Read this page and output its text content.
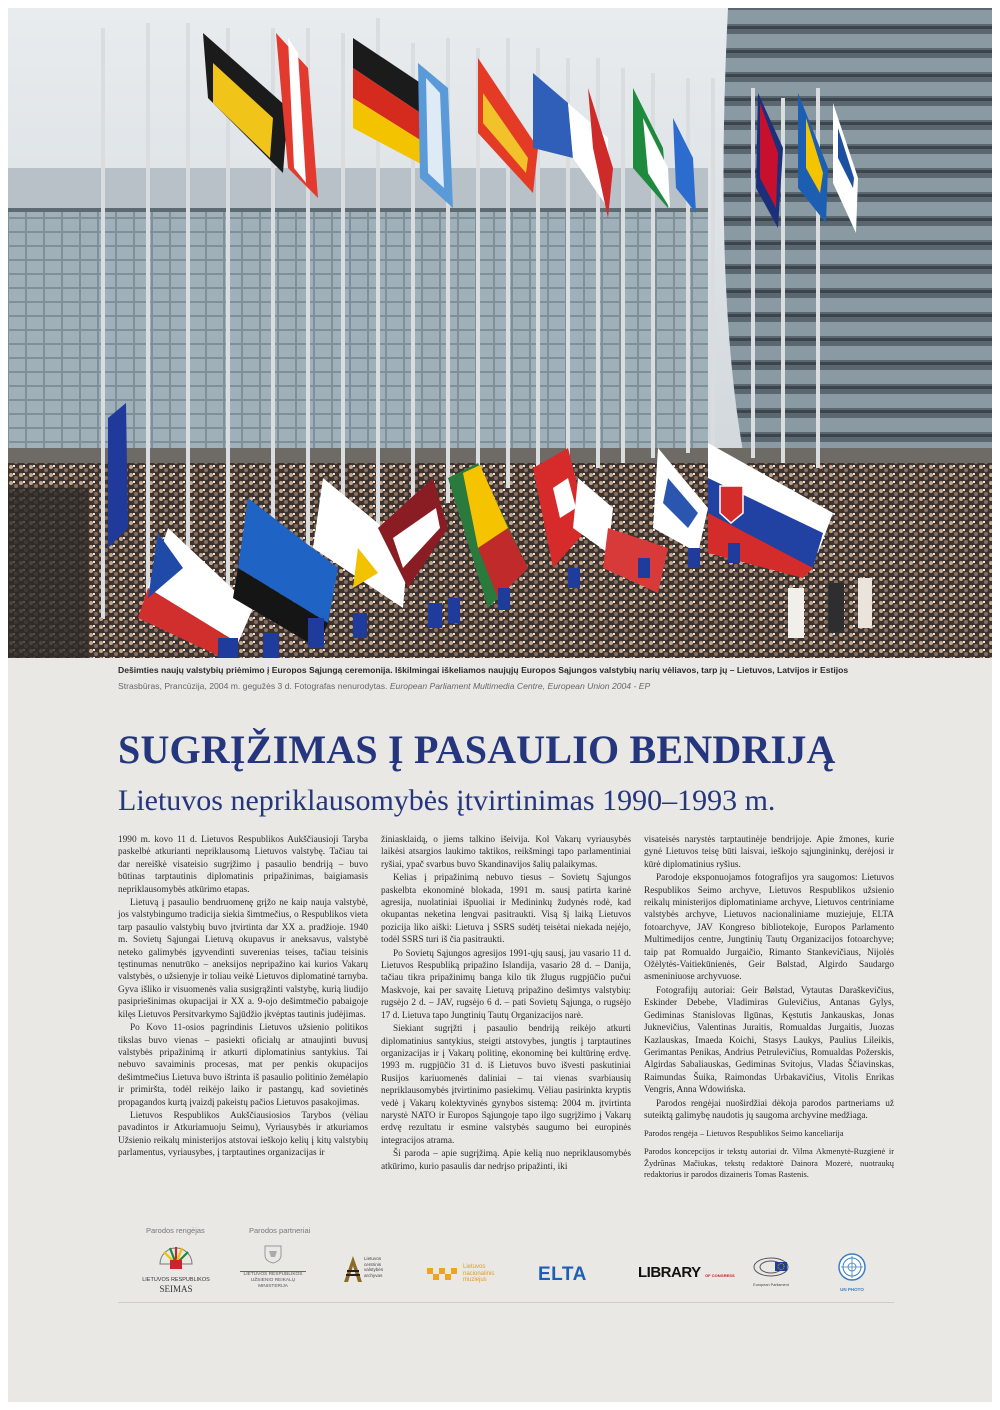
Dešimties naujų valstybių priėmimo į Europos Sąjungą ceremonija. Iškilmingai iškeliamos naujųjų Europos Sąjungos valstybių narių vėliavos, tarp jų – Lietuvos, Latvijos ir Estijos
Strasbūras, Prancūzija, 2004 m. gegužės 3 d. Fotografas nenurodytas. European Parliament Multimedia Centre, European Union 2004 - EP
SUGRĮŽIMAS Į PASAULIO BENDRIJĄ
Lietuvos nepriklausomybės įtvirtinimas 1990–1993 m.

1990 m. kovo 11 d. Lietuvos Respublikos Aukščiausioji Taryba paskelbė atkurianti nepriklausomą Lietuvos valstybę. Tačiau tai dar nereiškė visateisio sugrįžimo į pasaulio bendriją – buvo būtinas tarptautinis diplomatinis pripažinimas, baigiamasis nepriklausomybės atkūrimo etapas.

Lietuvą į pasaulio bendruomenę grįžo ne kaip nauja valstybė, jos valstybingumo tradicija siekia šimtmečius, o Respublikos vieta tarp pasaulio valstybių buvo įtvirtinta dar XX a. pradžioje. 1940 m. Sovietų Sąjungai Lietuvą okupavus ir aneksavus, valstybė neteko galimybės įgyvendinti suverenias teises, tačiau teisinis tęstinumas nenutrūko – aneksijos nepripažino kai kurios Vakarų valstybės, o užsienyje ir toliau veikė Lietuvos diplomatinė tarnyba. Gyva išliko ir visuomenės valia susigrąžinti valstybę, kurią liudijo pasipriešinimas okupacijai ir XX a. 9-ojo dešimtmečio pabaigoje kilęs Lietuvos Persitvarkymo Sąjūdžio įkvėptas tautinis judėjimas.

Po Kovo 11-osios pagrindinis Lietuvos užsienio politikos tikslas buvo vienas – pasiekti oficialų ar atnaujinti buvusį valstybės pripažinimą ir atkurti diplomatinius santykius. Tai nebuvo savaiminis procesas, mat per penkis okupacijos dešimtmečius Lietuva buvo ištrinta iš pasaulio politinio žemėlapio ir primiršta, todėl reikėjo laiko ir pastangų, kad sovietinės propagandos kurtą įvaizdį pakeistų pačios Lietuvos pasakojimas.

Lietuvos Respublikos Aukščiausiosios Tarybos (vėliau pavadintos ir Atkuriamuoju Seimu), Vyriausybės ir atkuriamos Užsienio reikalų ministerijos atstovai ieškojo kelių į kitų valstybių parlamentus, vyriausybes, į tarptautines organizacijas ir

žiniasklaidą, o jiems talkino išeivija. Kol Vakarų vyriausybės laikėsi atsargios laukimo taktikos, reikšmingi tapo parlamentiniai ryšiai, ypač svarbus buvo Skandinavijos šalių palaikymas.

Kelias į pripažinimą nebuvo tiesus – Sovietų Sąjungos paskelbta ekonominė blokada, 1991 m. sausį patirta karinė agresija, nuolatiniai išpuoliai ir Medininkų žudynės rodė, kad okupantas neketina lengvai pasitraukti. Visą šį laiką Lietuvos pozicija liko aiški: Lietuva į SSRS sudėtį teisėtai niekada neįėjo, todėl SSRS turi iš čia pasitraukti.

Po Sovietų Sąjungos agresijos 1991-ųjų sausį, jau vasario 11 d. Lietuvos Respubliką pripažino Islandija, vasario 28 d. – Danija, tačiau tikra pripažinimų banga kilo tik žlugus rugpjūčio pučui Maskvoje, kai per savaitę Lietuvą pripažino dešimtys valstybių: rugsėjo 2 d. – JAV, rugsėjo 6 d. – pati Sovietų Sąjunga, o rugsėjo 17 d. Lietuva tapo Jungtinių Tautų Organizacijos narė.

Siekiant sugrįžti į pasaulio bendriją reikėjo atkurti diplomatinius santykius, steigti atstovybes, jungtis į tarptautines organizacijas ir į Vakarų politinę, ekonominę bei kultūrinę erdvę. 1993 m. rugpjūčio 31 d. iš Lietuvos buvo išvesti paskutiniai Rusijos kariuomenės daliniai – tai vienas svarbiausių nepriklausomybės įtvirtinimo pasiekimų. Vėliau pasirinkta kryptis vedė į Vakarų kolektyvinės gynybos sistemą: 2004 m. įtvirtinta narystė NATO ir Europos Sąjungoje tapo ilgo sugrįžimo į Vakarų erdvę rezultatu ir esmine valstybės saugumo bei europinės integracijos atrama.

Ši paroda – apie sugrįžimą. Apie kelią nuo nepriklausomybės atkūrimo, kurio pasaulis dar nedrįso pripažinti, iki

visateisės narystės tarptautinėje bendrijoje. Apie žmones, kurie gynė Lietuvos teisę būti laisvai, ieškojo sąjungininkų, derėjosi ir kūrė diplomatinius ryšius.

Parodoje eksponuojamos fotografijos yra saugomos: Lietuvos Respublikos Seimo archyve, Lietuvos Respublikos užsienio reikalų ministerijos diplomatiniame archyve, Lietuvos centriniame valstybės archyve, Lietuvos nacionaliniame muziejuje, ELTA fotoarchyve, JAV Kongreso bibliotekoje, Europos Parlamento Multimedijos centre, Jungtinių Tautų Organizacijos fotoarchyve; taip pat Romualdo Jurgaičio, Rimanto Stankevičiaus, Nijolės Ožėlytės-Vaitiekūnienės, Geir Bølstad, Algirdo Saudargo asmeniniuose archyvuose.

Fotografijų autoriai: Geir Bølstad, Vytautas Daraškevičius, Eskinder Debebe, Vladimiras Gulevičius, Antanas Gylys, Gediminas Stanislovas Ilgūnas, Kęstutis Jankauskas, Jonas Juknevičius, Valentinas Juraitis, Romualdas Jurgaitis, Juozas Kazlauskas, Imaeda Koichi, Stasys Laukys, Paulius Lileikis, Gerimantas Penikas, Andrius Petrulevičius, Romualdas Požerskis, Algirdas Sabaliauskas, Gediminas Svitojus, Vladas Ščiavinskas, Raimundas Šuika, Raimondas Urbakavičius, Vitolis Enrikas Vengris, Anna Wdowińska.

Parodos rengėjai nuoširdžiai dėkoja parodos partneriams už suteiktą galimybę naudotis jų saugoma archyvine medžiaga.

Parodos rengėja – Lietuvos Respublikos Seimo kanceliarija

Parodos koncepcijos ir tekstų autoriai dr. Vilma Akmenytė-Ruzgienė ir Žydrūnas Mačiukas, tekstų redaktorė Dainora Mozerė, nuotraukų redaktorius ir parodos dizaineris Tomas Rastenis.

Parodos rengėjas	Parodos partneriai
LIETUVOS RESPUBLIKOS
SEIMAS
LIETUVOS RESPUBLIKOS
UŽSIENIO REIKALŲ
MINISTERIJA
Lietuvos
centrinis
valstybės
archyvas
Lietuvos
nacionalinis
muziejus	ELTA	LIBRARY OF CONGRESS
European Parliament
UN PHOTO
